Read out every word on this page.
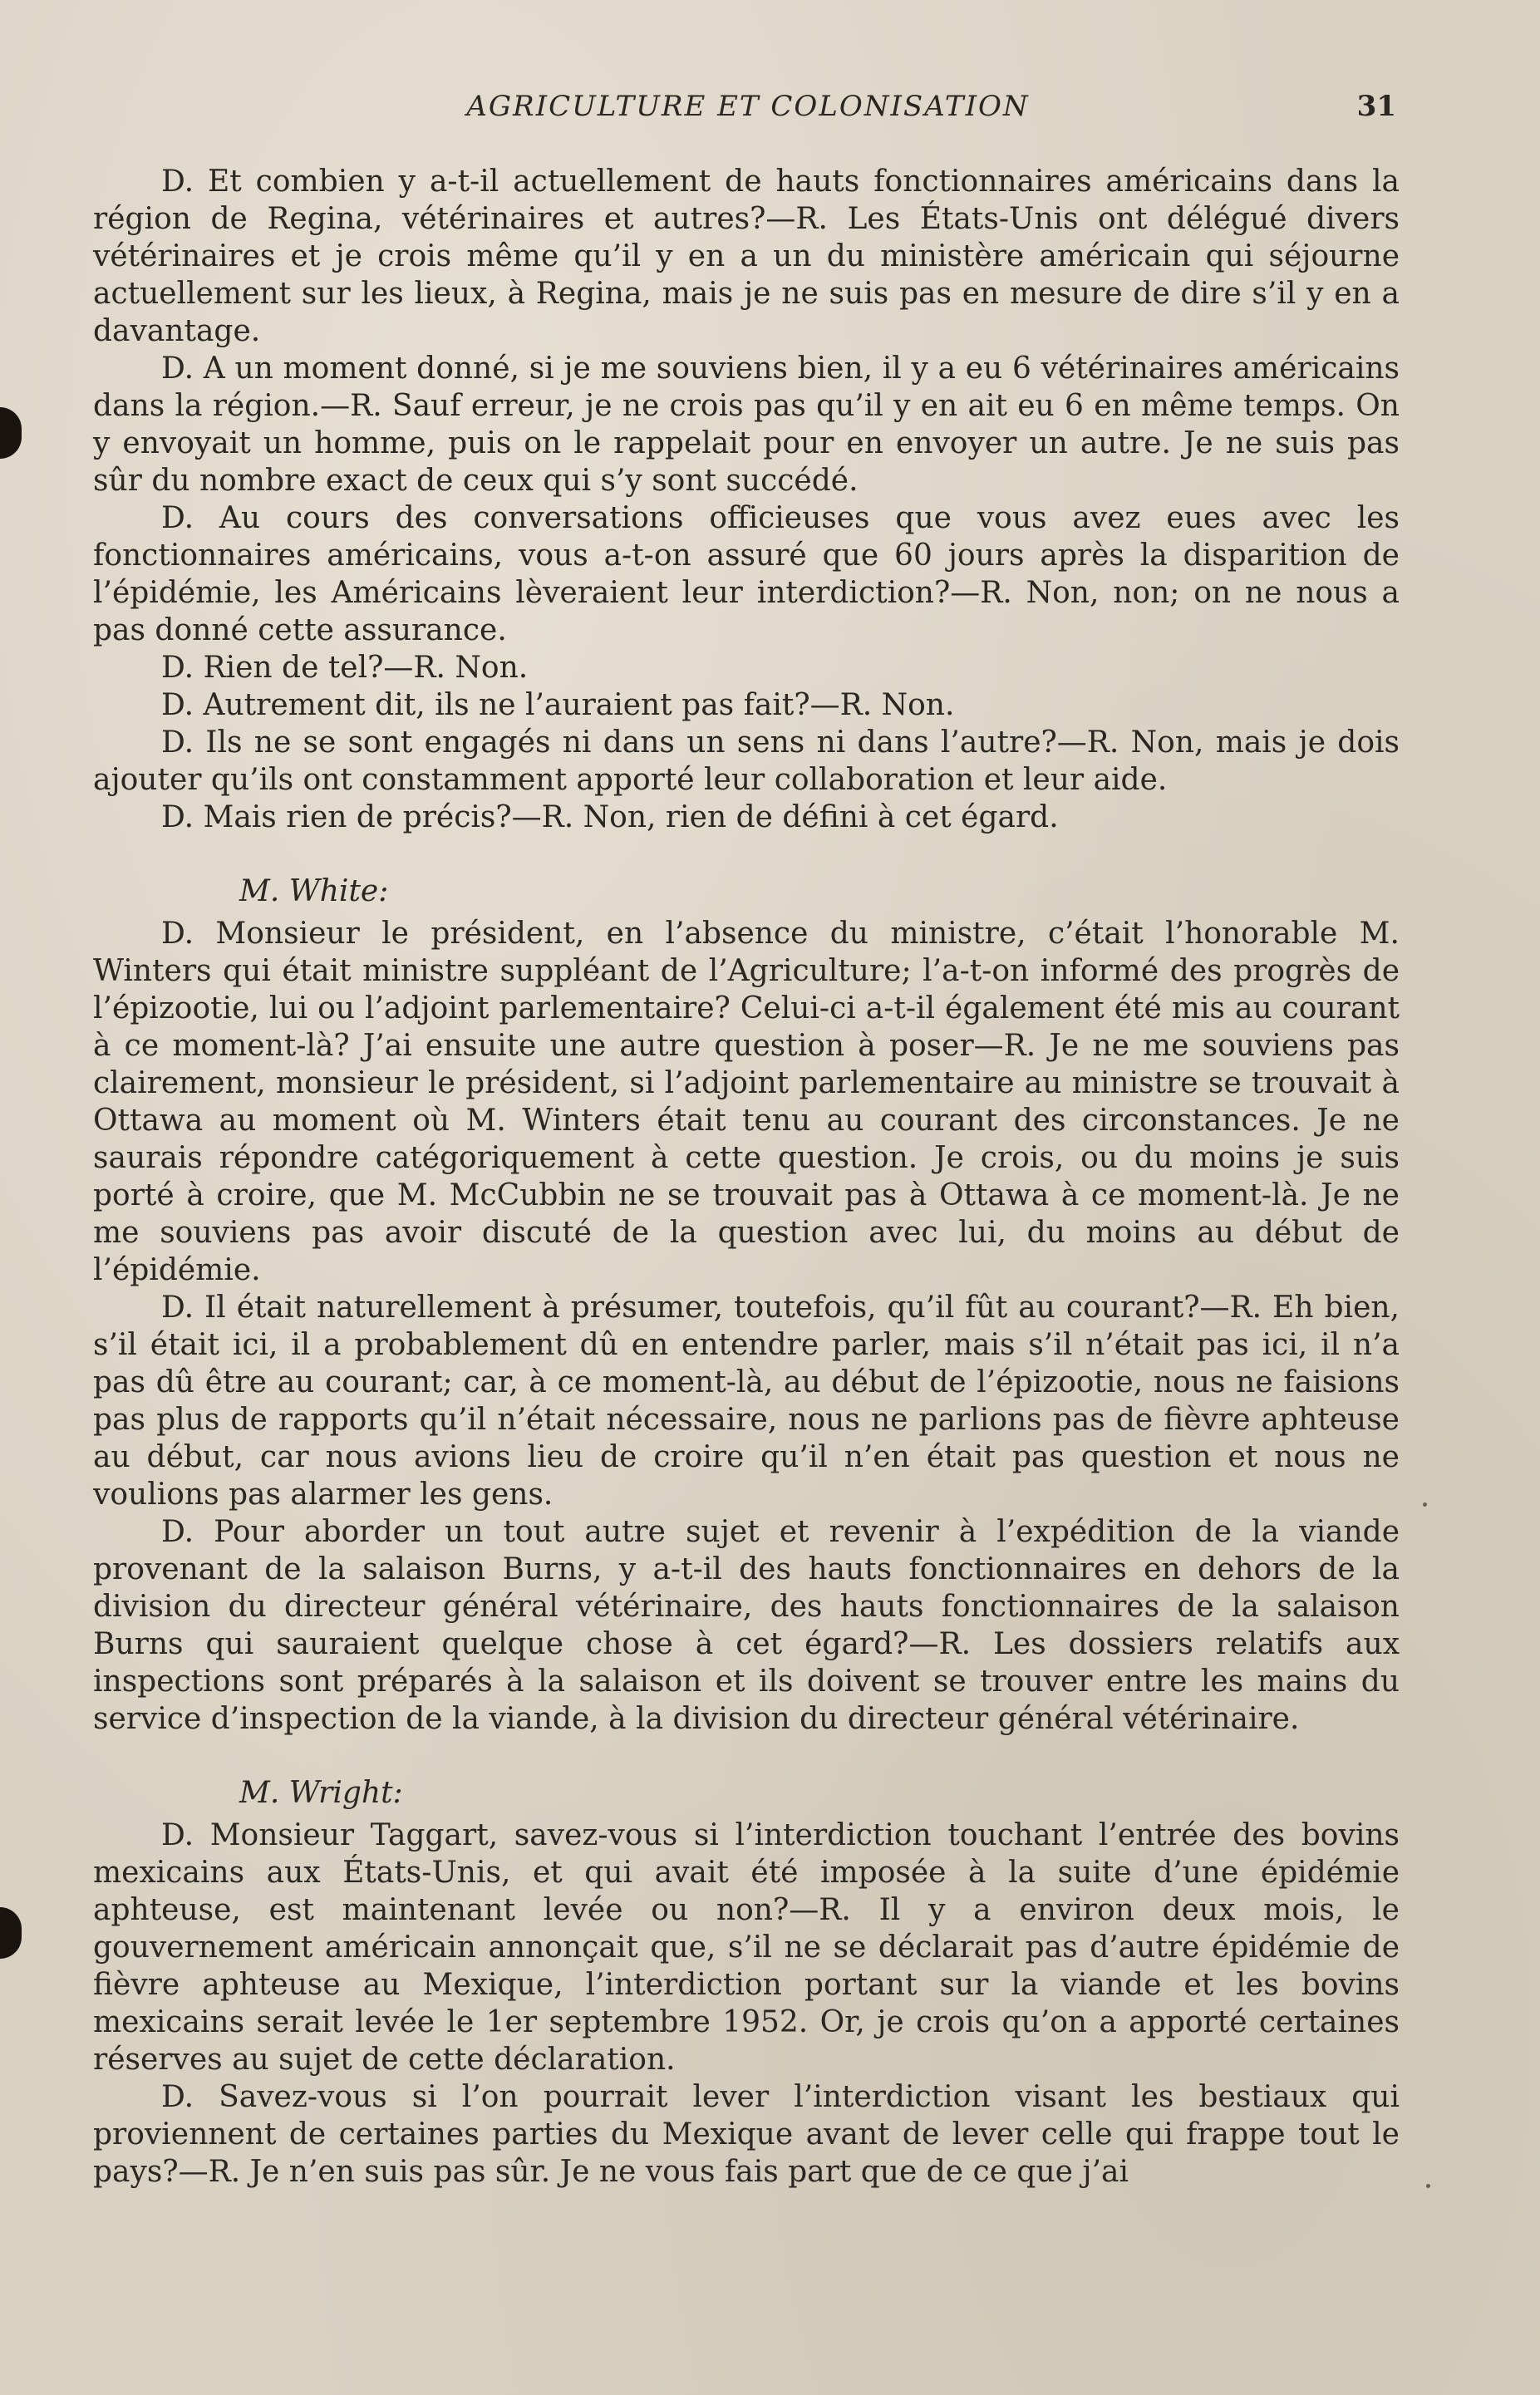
AGRICULTURE ET COLONISATION	31

D. Et combien y a-t-il actuellement de hauts fonctionnaires américains dans la région de Regina, vétérinaires et autres?—R. Les États-Unis ont délégué divers vétérinaires et je crois même qu’il y en a un du ministère américain qui séjourne actuellement sur les lieux, à Regina, mais je ne suis pas en mesure de dire s’il y en a davantage.

D. A un moment donné, si je me souviens bien, il y a eu 6 vétérinaires américains dans la région.—R. Sauf erreur, je ne crois pas qu’il y en ait eu 6 en même temps. On y envoyait un homme, puis on le rappelait pour en envoyer un autre. Je ne suis pas sûr du nombre exact de ceux qui s’y sont succédé.

D. Au cours des conversations officieuses que vous avez eues avec les fonctionnaires américains, vous a-t-on assuré que 60 jours après la disparition de l’épidémie, les Américains lèveraient leur interdiction?—R. Non, non; on ne nous a pas donné cette assurance.

D. Rien de tel?—R. Non.

D. Autrement dit, ils ne l’auraient pas fait?—R. Non.

D. Ils ne se sont engagés ni dans un sens ni dans l’autre?—R. Non, mais je dois ajouter qu’ils ont constamment apporté leur collaboration et leur aide.

D. Mais rien de précis?—R. Non, rien de défini à cet égard.

M. White:

D. Monsieur le président, en l’absence du ministre, c’était l’honorable M. Winters qui était ministre suppléant de l’Agriculture; l’a-t-on informé des progrès de l’épizootie, lui ou l’adjoint parlementaire? Celui-ci a-t-il également été mis au courant à ce moment-là? J’ai ensuite une autre question à poser—R. Je ne me souviens pas clairement, monsieur le président, si l’adjoint parlementaire au ministre se trouvait à Ottawa au moment où M. Winters était tenu au courant des circonstances. Je ne saurais répondre catégoriquement à cette question. Je crois, ou du moins je suis porté à croire, que M. McCubbin ne se trouvait pas à Ottawa à ce moment-là. Je ne me souviens pas avoir discuté de la question avec lui, du moins au début de l’épidémie.

D. Il était naturellement à présumer, toutefois, qu’il fût au courant?—R. Eh bien, s’il était ici, il a probablement dû en entendre parler, mais s’il n’était pas ici, il n’a pas dû être au courant; car, à ce moment-là, au début de l’épizootie, nous ne faisions pas plus de rapports qu’il n’était nécessaire, nous ne parlions pas de fièvre aphteuse au début, car nous avions lieu de croire qu’il n’en était pas question et nous ne voulions pas alarmer les gens.

D. Pour aborder un tout autre sujet et revenir à l’expédition de la viande provenant de la salaison Burns, y a-t-il des hauts fonctionnaires en dehors de la division du directeur général vétérinaire, des hauts fonctionnaires de la salaison Burns qui sauraient quelque chose à cet égard?—R. Les dossiers relatifs aux inspections sont préparés à la salaison et ils doivent se trouver entre les mains du service d’inspection de la viande, à la division du directeur général vétérinaire.

M. Wright:

D. Monsieur Taggart, savez-vous si l’interdiction touchant l’entrée des bovins mexicains aux États-Unis, et qui avait été imposée à la suite d’une épidémie aphteuse, est maintenant levée ou non?—R. Il y a environ deux mois, le gouvernement américain annonçait que, s’il ne se déclarait pas d’autre épidémie de fièvre aphteuse au Mexique, l’interdiction portant sur la viande et les bovins mexicains serait levée le 1er septembre 1952. Or, je crois qu’on a apporté certaines réserves au sujet de cette déclaration.

D. Savez-vous si l’on pourrait lever l’interdiction visant les bestiaux qui proviennent de certaines parties du Mexique avant de lever celle qui frappe tout le pays?—R. Je n’en suis pas sûr. Je ne vous fais part que de ce que j’ai
